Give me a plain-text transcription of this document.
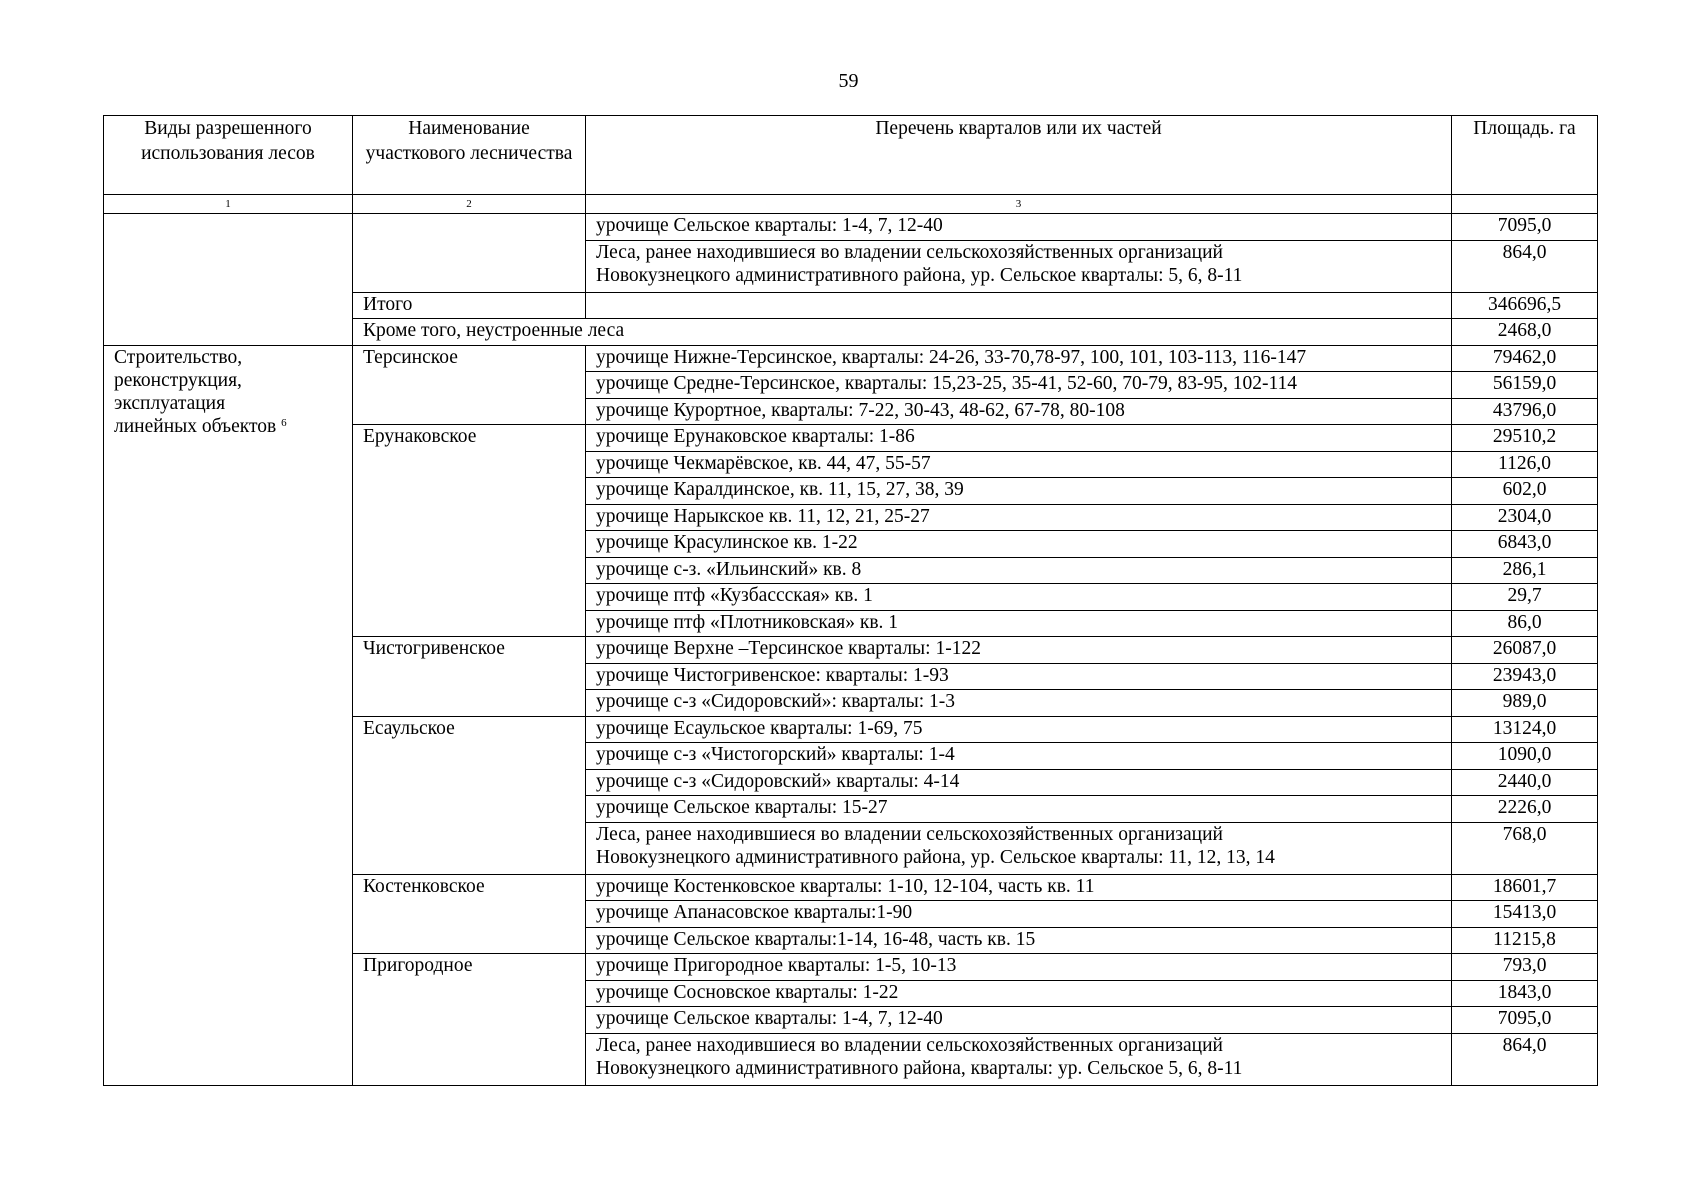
59
Виды разрешенного использования лесов	Наименование участкового лесничества	Перечень кварталов или их частей	Площадь. га
1	2	3	
		урочище Сельское кварталы: 1-4, 7, 12-40	7095,0
		Леса, ранее находившиеся во владении сельскохозяйственных организаций
Новокузнецкого административного района, ур. Сельское кварталы: 5, 6, 8-11	864,0
	Итого		346696,5
	Кроме того, неустроенные леса		2468,0
Строительство,
реконструкция,
эксплуатация
линейных объектов $^6$	Терсинское	урочище Нижне-Терсинское, кварталы: 24-26, 33-70,78-97, 100, 101, 103-113, 116-147	79462,0
		урочище Средне-Терсинское, кварталы: 15,23-25, 35-41, 52-60, 70-79, 83-95, 102-114	56159,0
		урочище Курортное, кварталы: 7-22, 30-43, 48-62, 67-78, 80-108	43796,0
	Ерунаковское	урочище Ерунаковское кварталы: 1-86	29510,2
		урочище Чекмарёвское, кв. 44, 47, 55-57	1126,0
		урочище Каралдинское, кв. 11, 15, 27, 38, 39	602,0
		урочище Нарыкское кв. 11, 12, 21, 25-27	2304,0
		урочище Красулинское кв. 1-22	6843,0
		урочище с-з. «Ильинский» кв. 8	286,1
		урочище птф «Кузбассская» кв. 1	29,7
		урочище птф «Плотниковская» кв. 1	86,0
	Чистогривенское	урочище Верхне –Терсинское кварталы: 1-122	26087,0
		урочище Чистогривенское: кварталы: 1-93	23943,0
		урочище с-з «Сидоровский»: кварталы: 1-3	989,0
	Есаульское	урочище Есаульское кварталы: 1-69, 75	13124,0
		урочище с-з «Чистогорский» кварталы: 1-4	1090,0
		урочище с-з «Сидоровский» кварталы: 4-14	2440,0
		урочище Сельское кварталы: 15-27	2226,0
		Леса, ранее находившиеся во владении сельскохозяйственных организаций
Новокузнецкого административного района, ур. Сельское кварталы: 11, 12, 13, 14	768,0
	Костенковское	урочище Костенковское кварталы: 1-10, 12-104, часть кв. 11	18601,7
		урочище Апанасовское кварталы:1-90	15413,0
		урочище Сельское кварталы:1-14, 16-48, часть кв. 15	11215,8
	Пригородное	урочище Пригородное кварталы: 1-5, 10-13	793,0
		урочище Сосновское кварталы: 1-22	1843,0
		урочище Сельское кварталы: 1-4, 7, 12-40	7095,0
		Леса, ранее находившиеся во владении сельскохозяйственных организаций
Новокузнецкого административного района, кварталы: ур. Сельское 5, 6, 8-11	864,0
